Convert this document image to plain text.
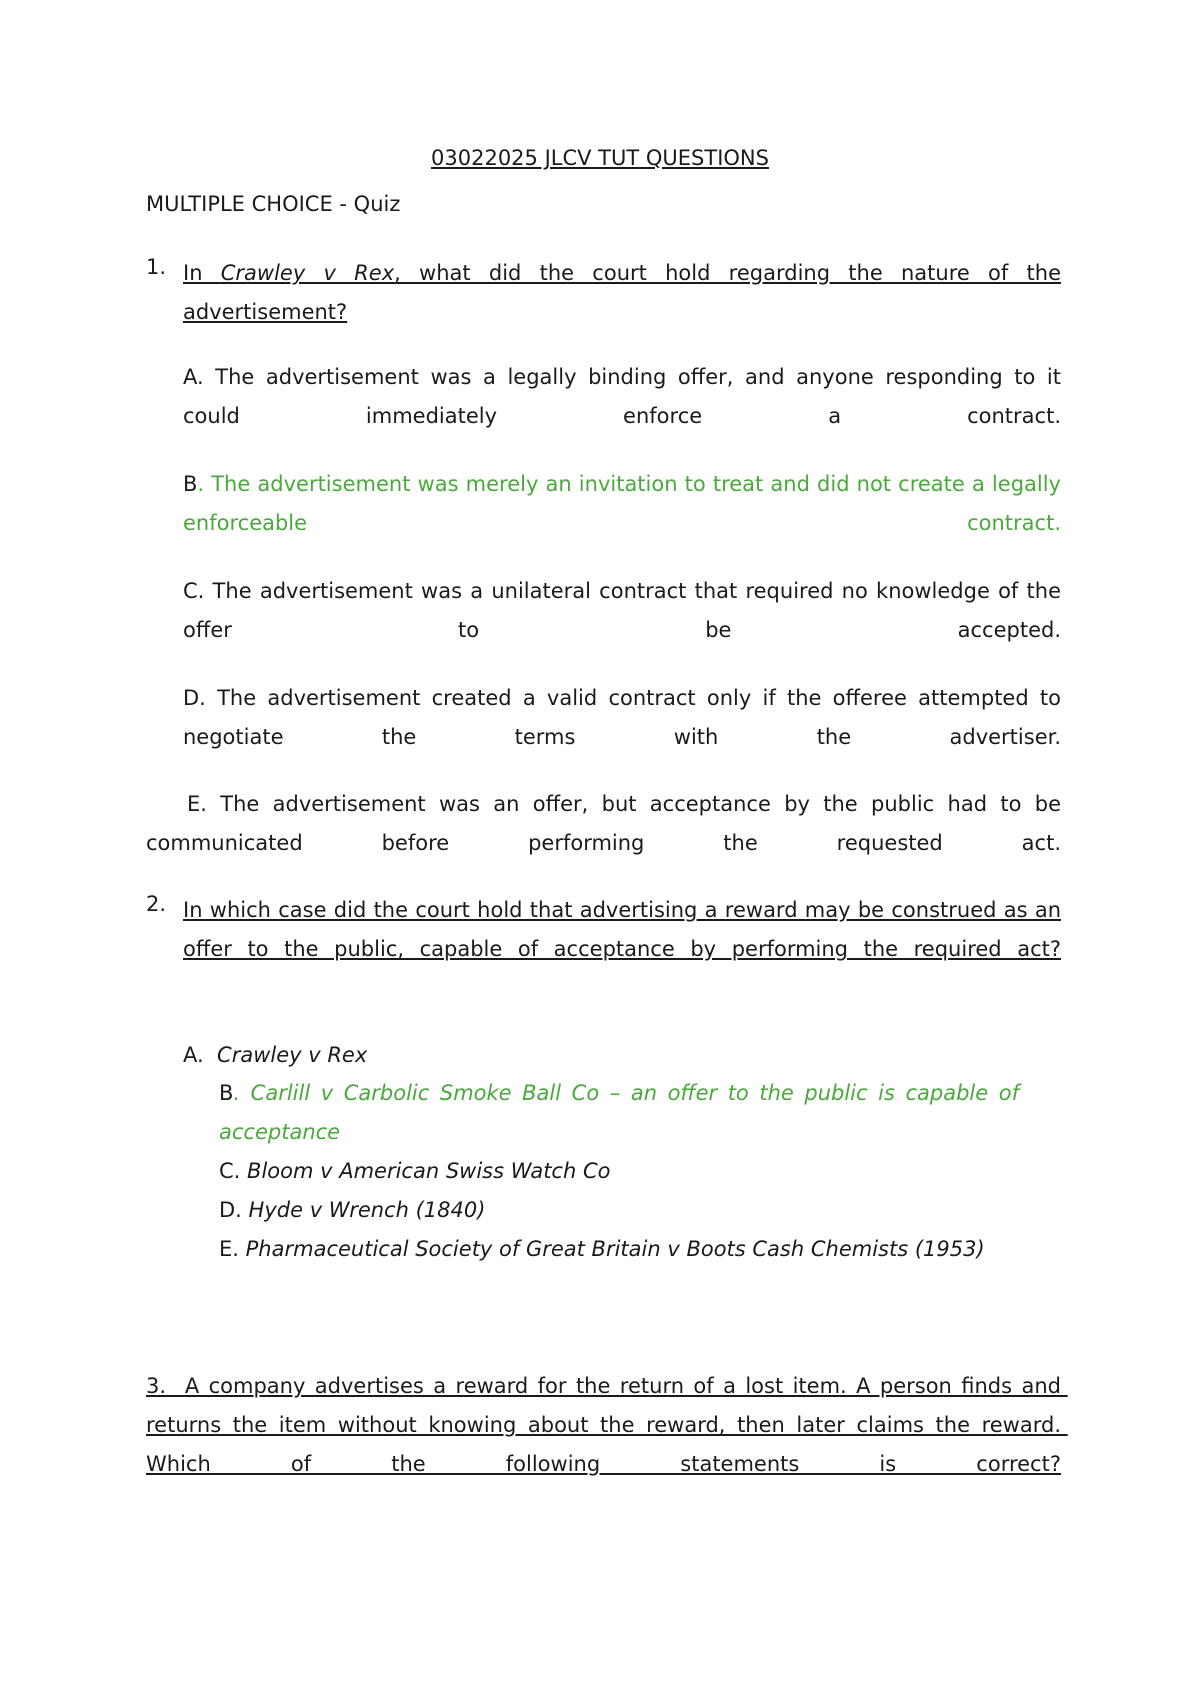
03022025 JLCV TUT QUESTIONS
MULTIPLE CHOICE - Quiz
1. In Crawley v Rex, what did the court hold regarding the nature of the advertisement?
A. The advertisement was a legally binding offer, and anyone responding to it could immediately enforce a contract.
B. The advertisement was merely an invitation to treat and did not create a legally enforceable contract.
C. The advertisement was a unilateral contract that required no knowledge of the offer to be accepted.
D. The advertisement created a valid contract only if the offeree attempted to negotiate the terms with the advertiser.
E. The advertisement was an offer, but acceptance by the public had to be communicated before performing the requested act.
2. In which case did the court hold that advertising a reward may be construed as an offer to the public, capable of acceptance by performing the required act?
A. Crawley v Rex
B. Carlill v Carbolic Smoke Ball Co – an offer to the public is capable of acceptance
C. Bloom v American Swiss Watch Co
D. Hyde v Wrench (1840)
E. Pharmaceutical Society of Great Britain v Boots Cash Chemists (1953)
3.  A company advertises a reward for the return of a lost item. A person finds and returns the item without knowing about the reward, then later claims the reward. Which of the following statements is correct?
